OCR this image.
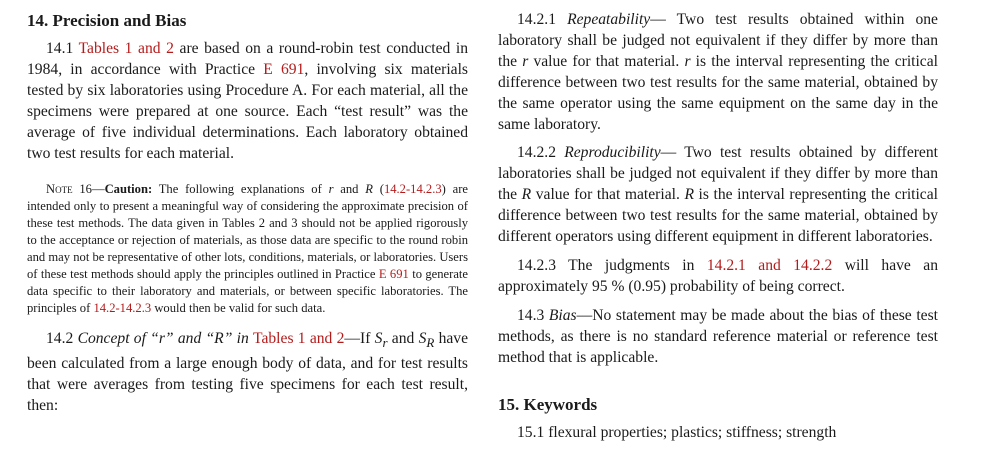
14. Precision and Bias

14.1 Tables 1 and 2 are based on a round-robin test conducted in 1984, in accordance with Practice E 691, involving six materials tested by six laboratories using Procedure A. For each material, all the specimens were prepared at one source. Each “test result” was the average of five individual determinations. Each laboratory obtained two test results for each material.

Note 16—Caution: The following explanations of r and R (14.2-14.2.3) are intended only to present a meaningful way of considering the approximate precision of these test methods. The data given in Tables 2 and 3 should not be applied rigorously to the acceptance or rejection of materials, as those data are specific to the round robin and may not be representative of other lots, conditions, materials, or laboratories. Users of these test methods should apply the principles outlined in Practice E 691 to generate data specific to their laboratory and materials, or between specific laboratories. The principles of 14.2-14.2.3 would then be valid for such data.

14.2 Concept of “r” and “R” in Tables 1 and 2—If $S_r$ and $S_R$ have been calculated from a large enough body of data, and for test results that were averages from testing five specimens for each test result, then:

14.2.1 Repeatability— Two test results obtained within one laboratory shall be judged not equivalent if they differ by more than the r value for that material. r is the interval representing the critical difference between two test results for the same material, obtained by the same operator using the same equipment on the same day in the same laboratory.

14.2.2 Reproducibility— Two test results obtained by different laboratories shall be judged not equivalent if they differ by more than the R value for that material. R is the interval representing the critical difference between two test results for the same material, obtained by different operators using different equipment in different laboratories.

14.2.3 The judgments in 14.2.1 and 14.2.2 will have an approximately 95 % (0.95) probability of being correct.

14.3 Bias—No statement may be made about the bias of these test methods, as there is no standard reference material or reference test method that is applicable.

15. Keywords

15.1 flexural properties; plastics; stiffness; strength
